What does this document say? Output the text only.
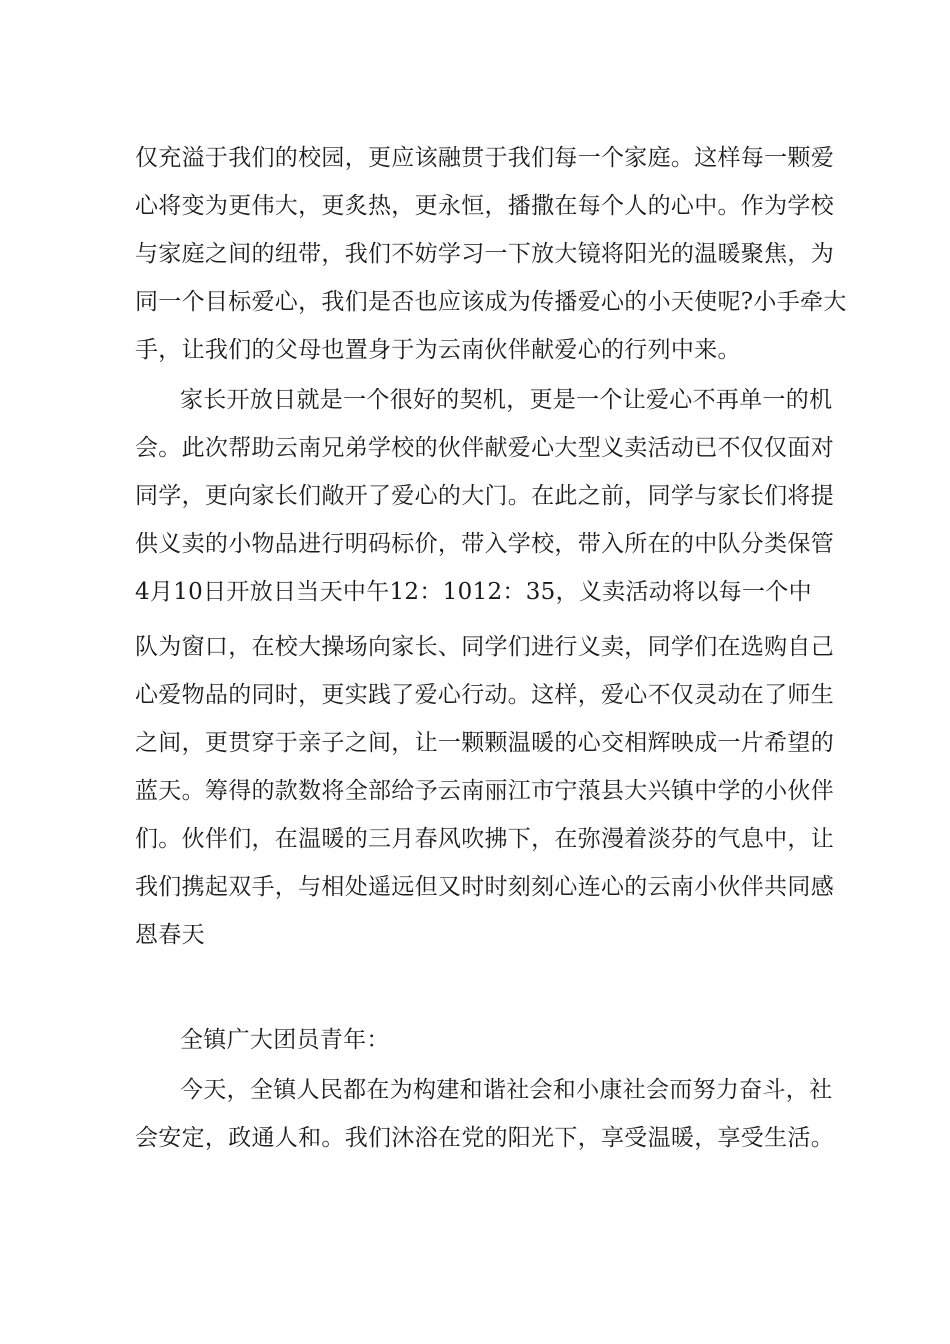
仅充溢于我们的校园，更应该融贯于我们每一个家庭。这样每一颗爱
心将变为更伟大，更炙热，更永恒，播撒在每个人的心中。作为学校
与家庭之间的纽带，我们不妨学习一下放大镜将阳光的温暖聚焦，为
同一个目标爱心，我们是否也应该成为传播爱心的小天使呢?小手牵大
手，让我们的父母也置身于为云南伙伴献爱心的行列中来。
家长开放日就是一个很好的契机，更是一个让爱心不再单一的机
会。此次帮助云南兄弟学校的伙伴献爱心大型义卖活动已不仅仅面对
同学，更向家长们敞开了爱心的大门。在此之前，同学与家长们将提
供义卖的小物品进行明码标价，带入学校，带入所在的中队分类保管
4月10日开放日当天中午12：1012：35，义卖活动将以每一个中
队为窗口，在校大操场向家长、同学们进行义卖，同学们在选购自己
心爱物品的同时，更实践了爱心行动。这样，爱心不仅灵动在了师生
之间，更贯穿于亲子之间，让一颗颗温暖的心交相辉映成一片希望的
蓝天。筹得的款数将全部给予云南丽江市宁蒗县大兴镇中学的小伙伴
们。伙伴们，在温暖的三月春风吹拂下，在弥漫着淡芬的气息中，让
我们携起双手，与相处遥远但又时时刻刻心连心的云南小伙伴共同感
恩春天
全镇广大团员青年：
今天，全镇人民都在为构建和谐社会和小康社会而努力奋斗，社
会安定，政通人和。我们沐浴在党的阳光下，享受温暖，享受生活。
